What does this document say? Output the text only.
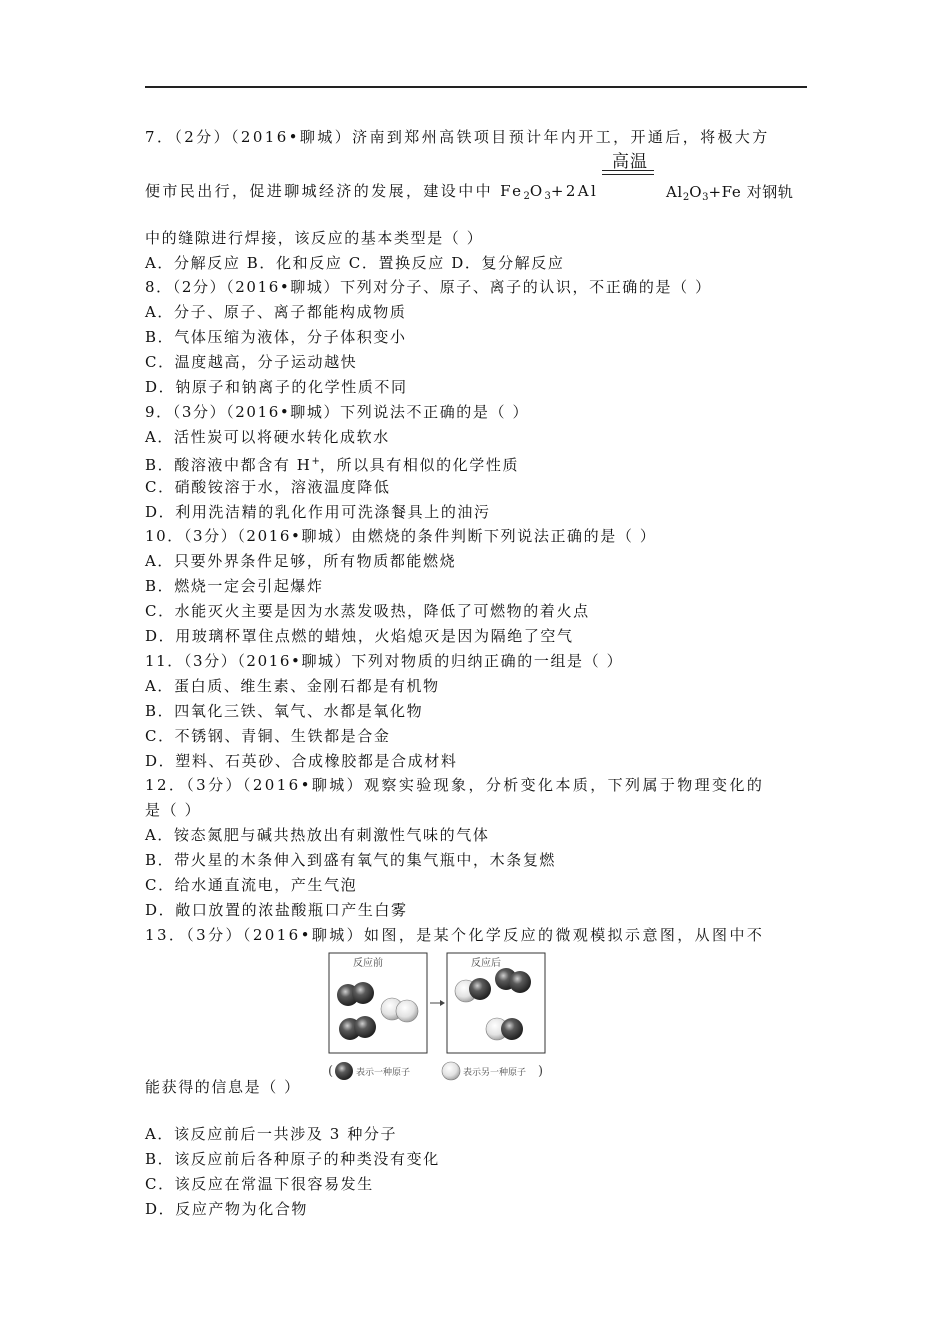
7．（2分）（2016•聊城）济南到郑州高铁项目预计年内开工，开通后，将极大方
高温
便市民出行，促进聊城经济的发展，建设中中 $Fe_2O_3+2Al$	$Al_2O_3+Fe$ 对钢轨
中的缝隙进行焊接，该反应的基本类型是（ ）
A．分解反应 B．化和反应 C．置换反应 D．复分解反应
8．（2分）（2016•聊城）下列对分子、原子、离子的认识，不正确的是（ ）
A．分子、原子、离子都能构成物质
B．气体压缩为液体，分子体积变小
C．温度越高，分子运动越快
D．钠原子和钠离子的化学性质不同
9．（3分）（2016•聊城）下列说法不正确的是（ ）
A．活性炭可以将硬水转化成软水
B．酸溶液中都含有 H+，所以具有相似的化学性质
C．硝酸铵溶于水，溶液温度降低
D．利用洗洁精的乳化作用可洗涤餐具上的油污
10．（3分）（2016•聊城）由燃烧的条件判断下列说法正确的是（ ）
A．只要外界条件足够，所有物质都能燃烧
B．燃烧一定会引起爆炸
C．水能灭火主要是因为水蒸发吸热，降低了可燃物的着火点
D．用玻璃杯罩住点燃的蜡烛，火焰熄灭是因为隔绝了空气
11．（3分）（2016•聊城）下列对物质的归纳正确的一组是（ ）
A．蛋白质、维生素、金刚石都是有机物
B．四氧化三铁、氧气、水都是氧化物
C．不锈钢、青铜、生铁都是合金
D．塑料、石英砂、合成橡胶都是合成材料
12．（3分）（2016•聊城）观察实验现象，分析变化本质，下列属于物理变化的
是（ ）
A．铵态氮肥与碱共热放出有刺激性气味的气体
B．带火星的木条伸入到盛有氧气的集气瓶中，木条复燃
C．给水通直流电，产生气泡
D．敞口放置的浓盐酸瓶口产生白雾
13．（3分）（2016•聊城）如图，是某个化学反应的微观模拟示意图，从图中不
反应前	反应后
(	表示一种原子	表示另一种原子 )
能获得的信息是（ ）
A．该反应前后一共涉及 3 种分子
B．该反应前后各种原子的种类没有变化
C．该反应在常温下很容易发生
D．反应产物为化合物
